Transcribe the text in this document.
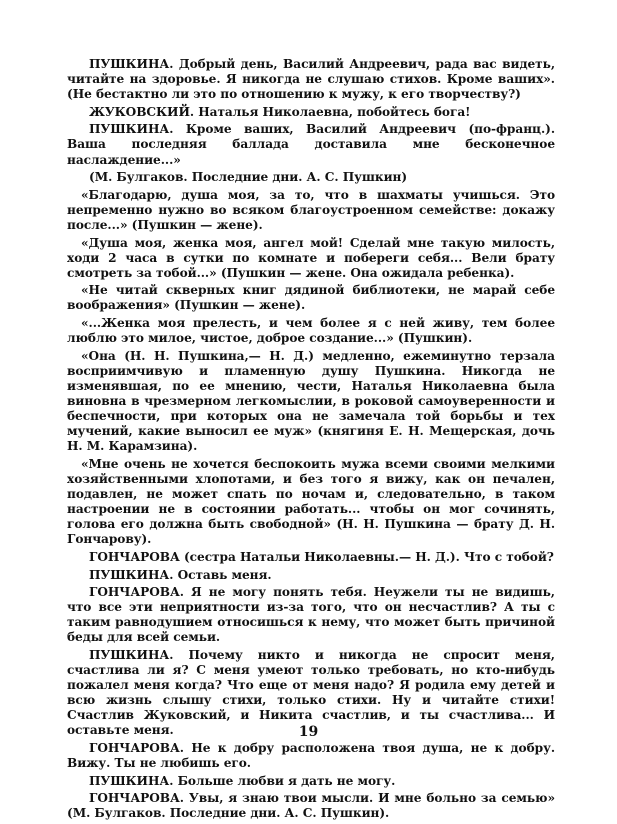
ПУШКИНА. Добрый день, Василий Андреевич, рада вас видеть, читайте на здоровье. Я никогда не слушаю стихов. Кроме ваших». (Не бестактно ли это по отношению к мужу, к его творчеству?)

ЖУКОВСКИЙ. Наталья Николаевна, побойтесь бога!

ПУШКИНА. Кроме ваших, Василий Андреевич (по-франц.). Ваша последняя баллада доставила мне бесконечное наслаждение...»

(М. Булгаков. Последние дни. А. С. Пушкин)

«Благодарю, душа моя, за то, что в шахматы учишься. Это непременно нужно во всяком благоустроенном семействе: докажу после...» (Пушкин — жене).

«Душа моя, женка моя, ангел мой! Сделай мне такую милость, ходи 2 часа в сутки по комнате и побереги себя... Вели брату смотреть за тобой...» (Пушкин — жене. Она ожидала ребенка).

«Не читай скверных книг дядиной библиотеки, не марай себе воображения» (Пушкин — жене).

«...Женка моя прелесть, и чем более я с ней живу, тем более люблю это милое, чистое, доброе создание...» (Пушкин).

«Она (Н. Н. Пушкина,— Н. Д.) медленно, ежеминутно терзала восприимчивую и пламенную душу Пушкина. Никогда не изменявшая, по ее мнению, чести, Наталья Николаевна была виновна в чрезмерном легкомыслии, в роковой самоуверенности и беспечности, при которых она не замечала той борьбы и тех мучений, какие выносил ее муж» (княгиня Е. Н. Мещерская, дочь Н. М. Карамзина).

«Мне очень не хочется беспокоить мужа всеми своими мелкими хозяйственными хлопотами, и без того я вижу, как он печален, подавлен, не может спать по ночам и, следовательно, в таком настроении не в состоянии работать... чтобы он мог сочинять, голова его должна быть свободной» (Н. Н. Пушкина — брату Д. Н. Гончарову).

ГОНЧАРОВА (сестра Натальи Николаевны.— Н. Д.). Что с тобой?

ПУШКИНА. Оставь меня.

ГОНЧАРОВА. Я не могу понять тебя. Неужели ты не видишь, что все эти неприятности из-за того, что он несчастлив? А ты с таким равнодушием относишься к нему, что может быть причиной беды для всей семьи.

ПУШКИНА. Почему никто и никогда не спросит меня, счастлива ли я? С меня умеют только требовать, но кто-нибудь пожалел меня когда? Что еще от меня надо? Я родила ему детей и всю жизнь слышу стихи, только стихи. Ну и читайте стихи! Счастлив Жуковский, и Никита счастлив, и ты счастлива... И оставьте меня.

ГОНЧАРОВА. Не к добру расположена твоя душа, не к добру. Вижу. Ты не любишь его.

ПУШКИНА. Больше любви я дать не могу.

ГОНЧАРОВА. Увы, я знаю твои мысли. И мне больно за семью» (М. Булгаков. Последние дни. А. С. Пушкин).

19
